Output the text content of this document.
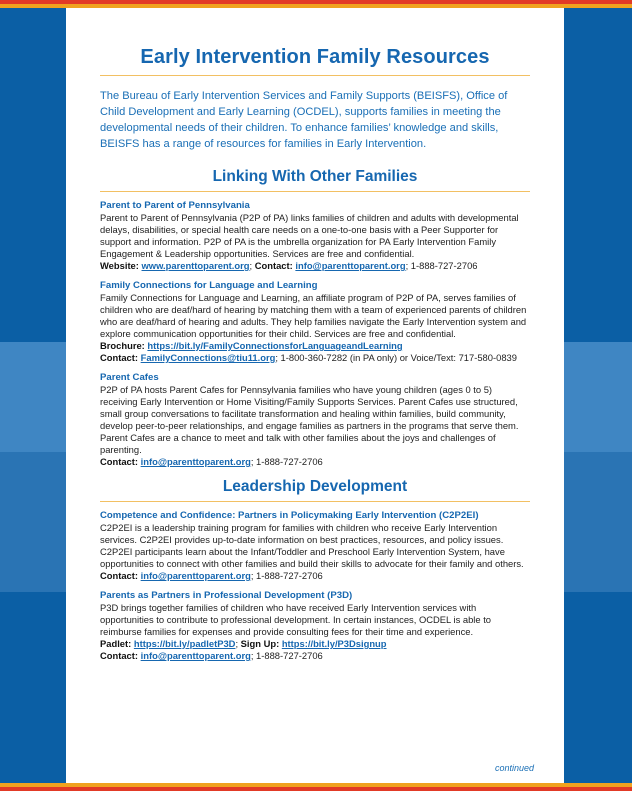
Early Intervention Family Resources
The Bureau of Early Intervention Services and Family Supports (BEISFS), Office of Child Development and Early Learning (OCDEL), supports families in meeting the developmental needs of their children. To enhance families’ knowledge and skills, BEISFS has a range of resources for families in Early Intervention.
Linking With Other Families
Parent to Parent of Pennsylvania
Parent to Parent of Pennsylvania (P2P of PA) links families of children and adults with developmental delays, disabilities, or special health care needs on a one-to-one basis with a Peer Supporter for support and information. P2P of PA is the umbrella organization for PA Early Intervention Family Engagement & Leadership opportunities. Services are free and confidential.
Website: www.parenttoparent.org; Contact: info@parenttoparent.org; 1-888-727-2706
Family Connections for Language and Learning
Family Connections for Language and Learning, an affiliate program of P2P of PA, serves families of children who are deaf/hard of hearing by matching them with a team of experienced parents of children who are deaf/hard of hearing and adults. They help families navigate the Early Intervention system and explore communication opportunities for their child. Services are free and confidential.
Brochure: https://bit.ly/FamilyConnectionsforLanguageandLearning
Contact: FamilyConnections@tiu11.org; 1-800-360-7282 (in PA only) or Voice/Text: 717-580-0839
Parent Cafes
P2P of PA hosts Parent Cafes for Pennsylvania families who have young children (ages 0 to 5) receiving Early Intervention or Home Visiting/Family Supports Services. Parent Cafes use structured, small group conversations to facilitate transformation and healing within families, build community, develop peer-to-peer relationships, and engage families as partners in the programs that serve them. Parent Cafes are a chance to meet and talk with other families about the joys and challenges of parenting.
Contact: info@parenttoparent.org; 1-888-727-2706
Leadership Development
Competence and Confidence: Partners in Policymaking Early Intervention (C2P2EI)
C2P2EI is a leadership training program for families with children who receive Early Intervention services. C2P2EI provides up-to-date information on best practices, resources, and policy issues. C2P2EI participants learn about the Infant/Toddler and Preschool Early Intervention System, have opportunities to connect with other families and build their skills to advocate for their family and others.
Contact: info@parenttoparent.org; 1-888-727-2706
Parents as Partners in Professional Development (P3D)
P3D brings together families of children who have received Early Intervention services with opportunities to contribute to professional development. In certain instances, OCDEL is able to reimburse families for expenses and provide consulting fees for their time and experience.
Padlet: https://bit.ly/padletP3D; Sign Up: https://bit.ly/P3Dsignup
Contact: info@parenttoparent.org; 1-888-727-2706
continued
